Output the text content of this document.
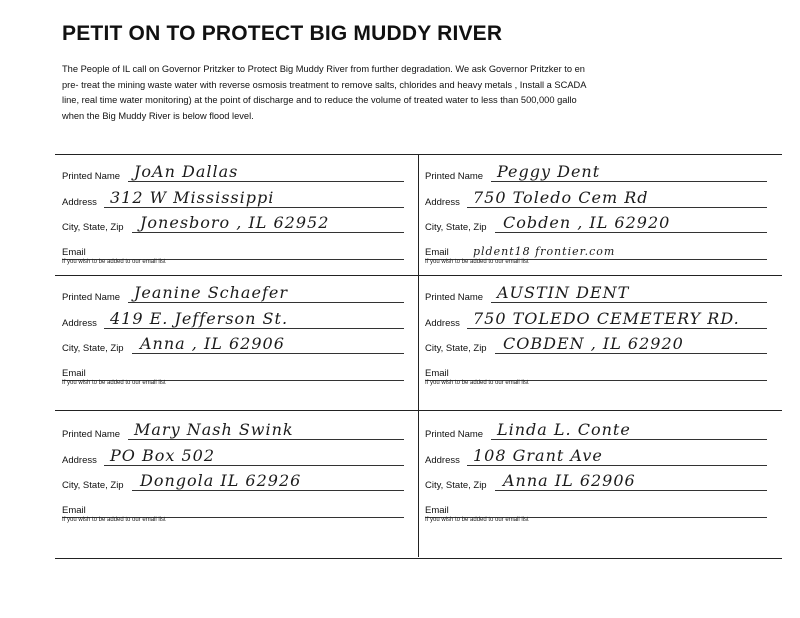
PETIT ON TO PROTECT BIG MUDDY RIVER
The People of IL call on Governor Pritzker to Protect Big Muddy River from further degradation. We ask Governor Pritzker to en
pre- treat the mining waste water with reverse osmosis treatment to remove salts, chlorides and heavy metals , Install a SCADA
line, real time water monitoring) at the point of discharge and to reduce the volume of treated water to less than 500,000 gallo
when the Big Muddy River is below flood level.
Printed Name JoAn Dallas
Address 312 W Mississippi
City, State, Zip Jonesboro , IL 62952
Email
If you wish to be added to our email list
Printed Name Peggy Dent
Address 750 Toledo Cem Rd
City, State, Zip Cobden , IL 62920
Email pldent18 frontier.com
If you wish to be added to our email list
Printed Name Jeanine Schaefer
Address 419 E. Jefferson St.
City, State, Zip Anna , IL 62906
Email
If you wish to be added to our email list
Printed Name AUSTIN DENT
Address 750 TOLEDO CEMETERY RD.
City, State, Zip COBDEN , IL 62920
Email
If you wish to be added to our email list
Printed Name Mary Nash Swink
Address PO Box 502
City, State, Zip Dongola IL 62926
Email
If you wish to be added to our email list
Printed Name Linda L. Conte
Address 108 Grant Ave
City, State, Zip Anna IL 62906
Email
If you wish to be added to our email list
